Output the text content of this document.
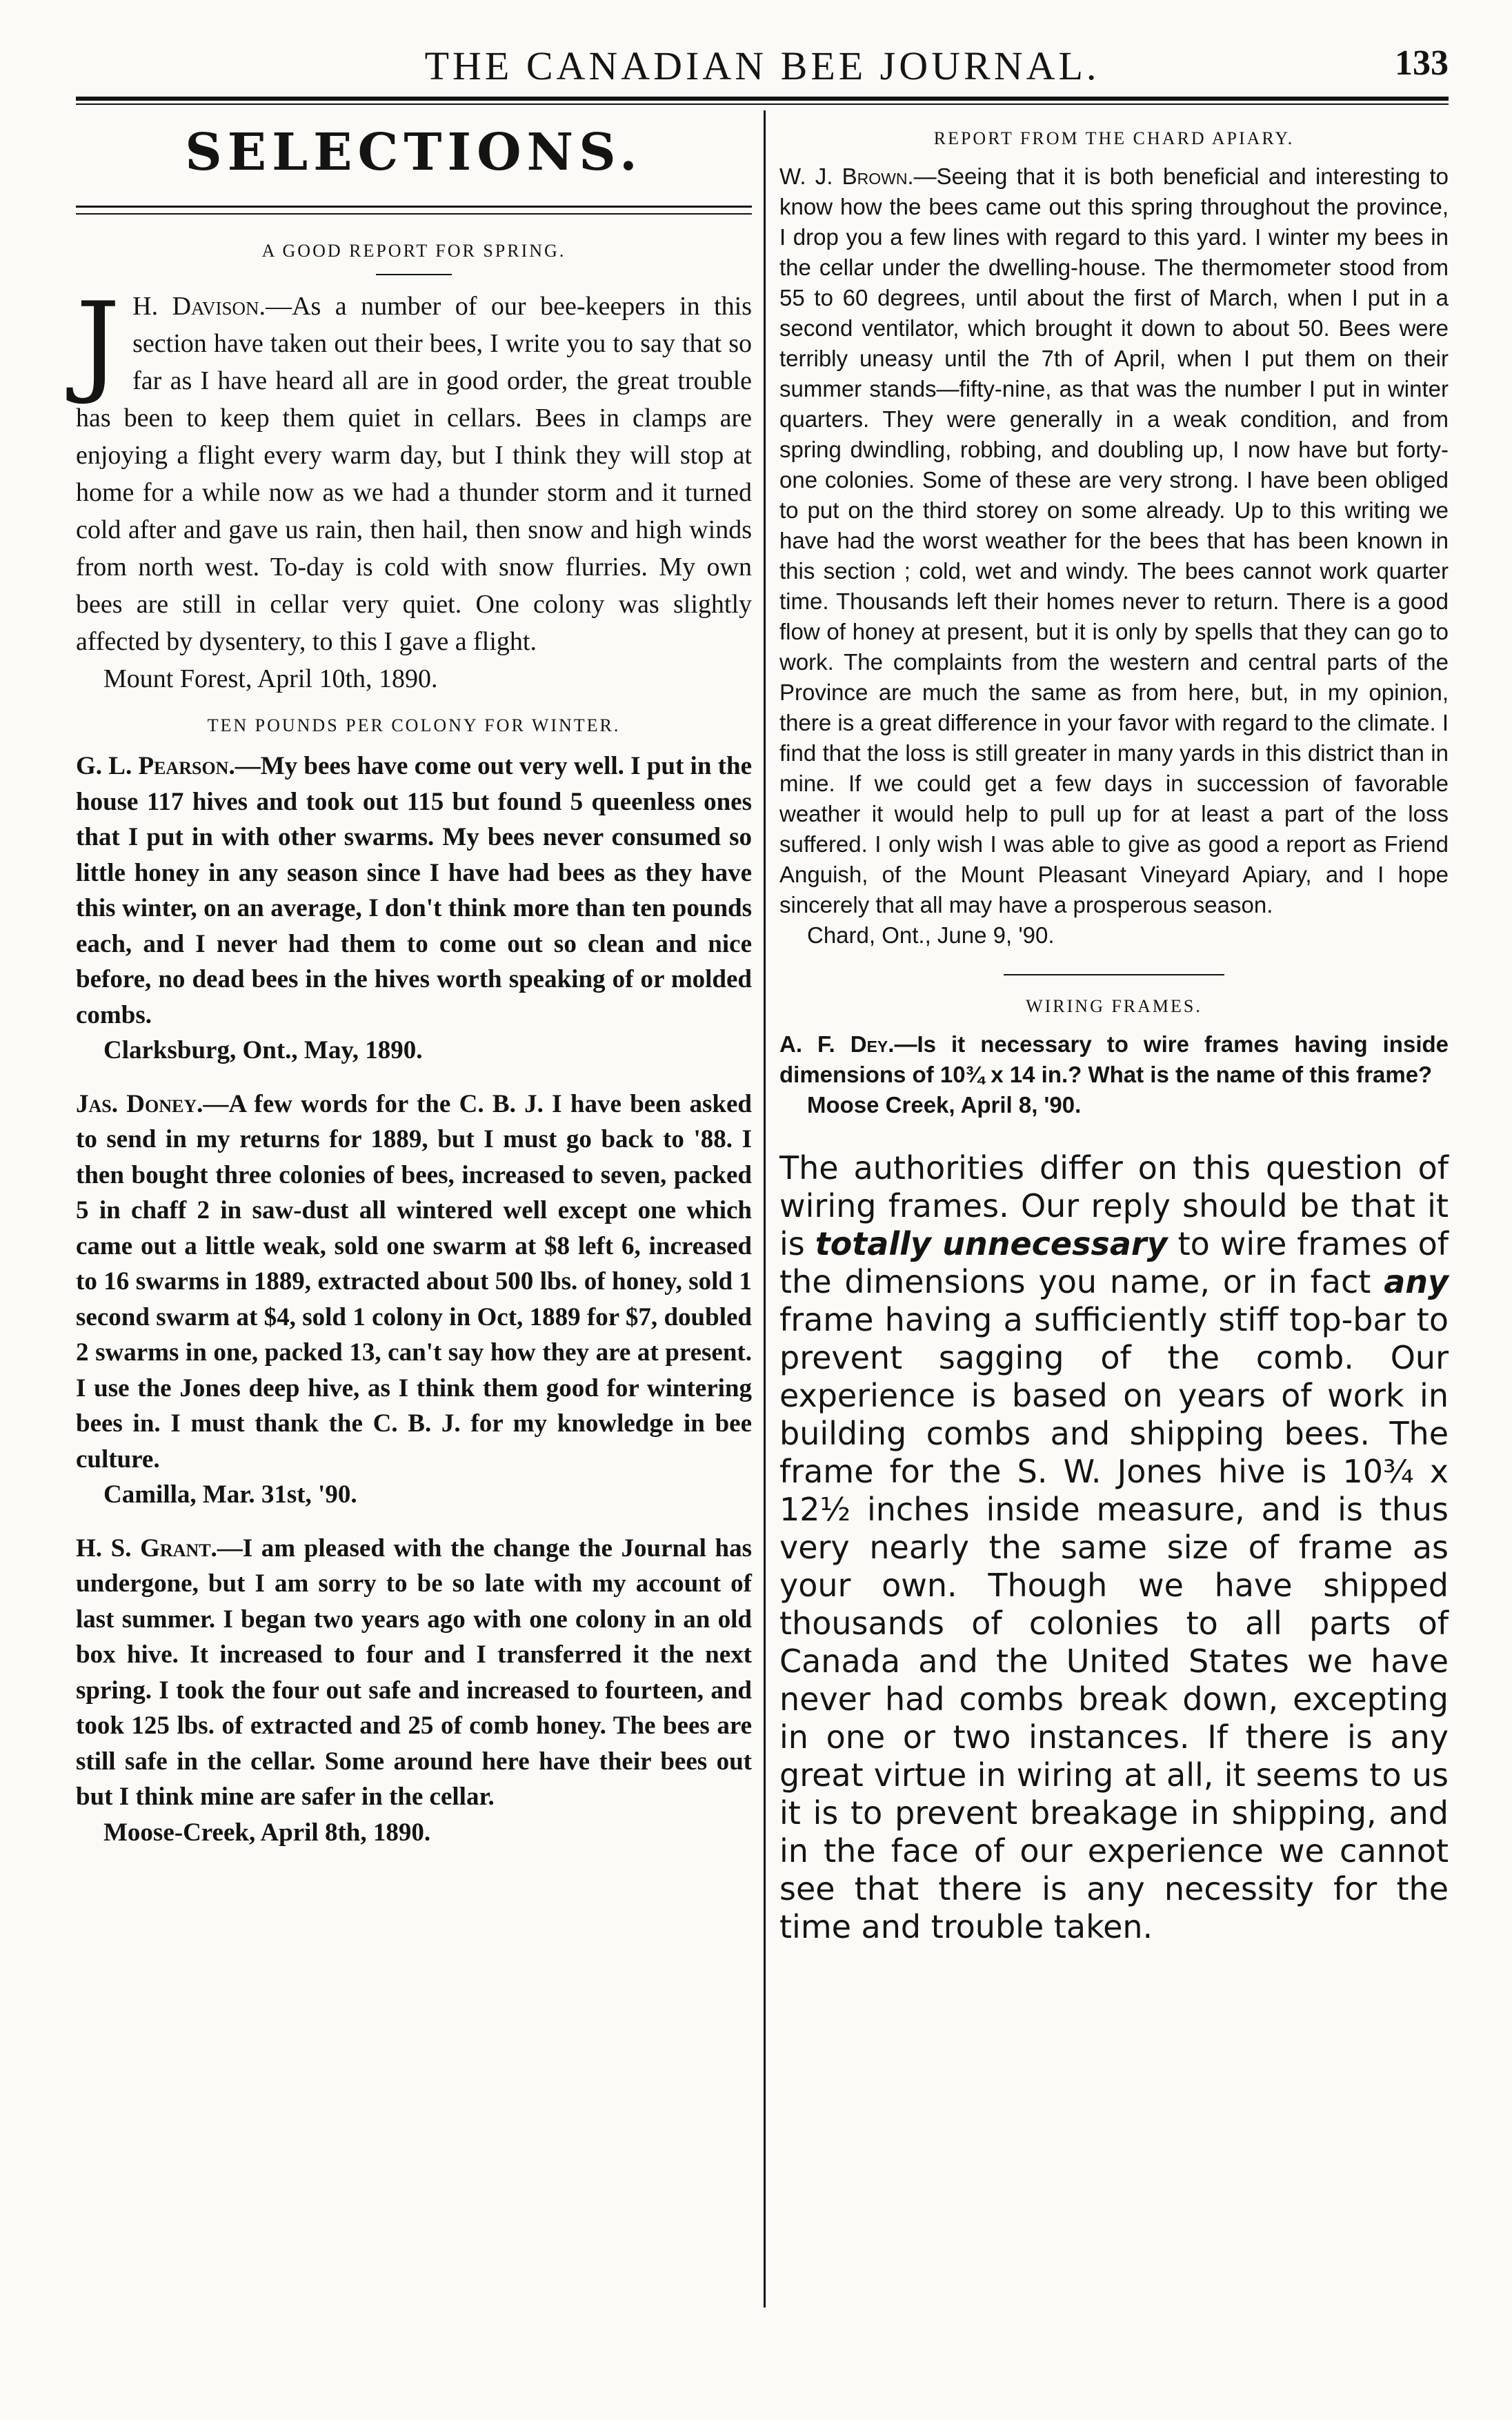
THE CANADIAN BEE JOURNAL.	133
SELECTIONS.
A GOOD REPORT FOR SPRING.

J H. Davison.—As a number of our bee-keepers in this section have taken out their bees, I write you to say that so far as I have heard all are in good order, the great trouble has been to keep them quiet in cellars. Bees in clamps are enjoying a flight every warm day, but I think they will stop at home for a while now as we had a thunder storm and it turned cold after and gave us rain, then hail, then snow and high winds from north west. To-day is cold with snow flurries. My own bees are still in cellar very quiet. One colony was slightly affected by dysentery, to this I gave a flight.

Mount Forest, April 10th, 1890.

TEN POUNDS PER COLONY FOR WINTER.

G. L. Pearson.—My bees have come out very well. I put in the house 117 hives and took out 115 but found 5 queenless ones that I put in with other swarms. My bees never consumed so little honey in any season since I have had bees as they have this winter, on an average, I don't think more than ten pounds each, and I never had them to come out so clean and nice before, no dead bees in the hives worth speaking of or molded combs.

Clarksburg, Ont., May, 1890.

Jas. Doney.—A few words for the C. B. J. I have been asked to send in my returns for 1889, but I must go back to '88. I then bought three colonies of bees, increased to seven, packed 5 in chaff 2 in saw-dust all wintered well except one which came out a little weak, sold one swarm at $8 left 6, increased to 16 swarms in 1889, extracted about 500 lbs. of honey, sold 1 second swarm at $4, sold 1 colony in Oct, 1889 for $7, doubled 2 swarms in one, packed 13, can't say how they are at present. I use the Jones deep hive, as I think them good for wintering bees in. I must thank the C. B. J. for my knowledge in bee culture.

Camilla, Mar. 31st, '90.

H. S. Grant.—I am pleased with the change the Journal has undergone, but I am sorry to be so late with my account of last summer. I began two years ago with one colony in an old box hive. It increased to four and I transferred it the next spring. I took the four out safe and increased to fourteen, and took 125 lbs. of extracted and 25 of comb honey. The bees are still safe in the cellar. Some around here have their bees out but I think mine are safer in the cellar.

Moose-Creek, April 8th, 1890.

REPORT FROM THE CHARD APIARY.

W. J. Brown.—Seeing that it is both beneficial and interesting to know how the bees came out this spring throughout the province, I drop you a few lines with regard to this yard. I winter my bees in the cellar under the dwelling-house. The thermometer stood from 55 to 60 degrees, until about the first of March, when I put in a second ventilator, which brought it down to about 50. Bees were terribly uneasy until the 7th of April, when I put them on their summer stands—fifty-nine, as that was the number I put in winter quarters. They were generally in a weak condition, and from spring dwindling, robbing, and doubling up, I now have but forty-one colonies. Some of these are very strong. I have been obliged to put on the third storey on some already. Up to this writing we have had the worst weather for the bees that has been known in this section ; cold, wet and windy. The bees cannot work quarter time. Thousands left their homes never to return. There is a good flow of honey at present, but it is only by spells that they can go to work. The complaints from the western and central parts of the Province are much the same as from here, but, in my opinion, there is a great difference in your favor with regard to the climate. I find that the loss is still greater in many yards in this district than in mine. If we could get a few days in succession of favorable weather it would help to pull up for at least a part of the loss suffered. I only wish I was able to give as good a report as Friend Anguish, of the Mount Pleasant Vineyard Apiary, and I hope sincerely that all may have a prosperous season.

Chard, Ont., June 9, '90.

WIRING FRAMES.

A. F. Dey.—Is it necessary to wire frames having inside dimensions of 10¾ x 14 in.? What is the name of this frame?

Moose Creek, April 8, '90.

The authorities differ on this question of wiring frames. Our reply should be that it is totally unnecessary to wire frames of the dimensions you name, or in fact any frame having a sufficiently stiff top-bar to prevent sagging of the comb. Our experience is based on years of work in building combs and shipping bees. The frame for the S. W. Jones hive is 10¾ x 12½ inches inside measure, and is thus very nearly the same size of frame as your own. Though we have shipped thousands of colonies to all parts of Canada and the United States we have never had combs break down, excepting in one or two instances. If there is any great virtue in wiring at all, it seems to us it is to prevent breakage in shipping, and in the face of our experience we cannot see that there is any necessity for the time and trouble taken.
